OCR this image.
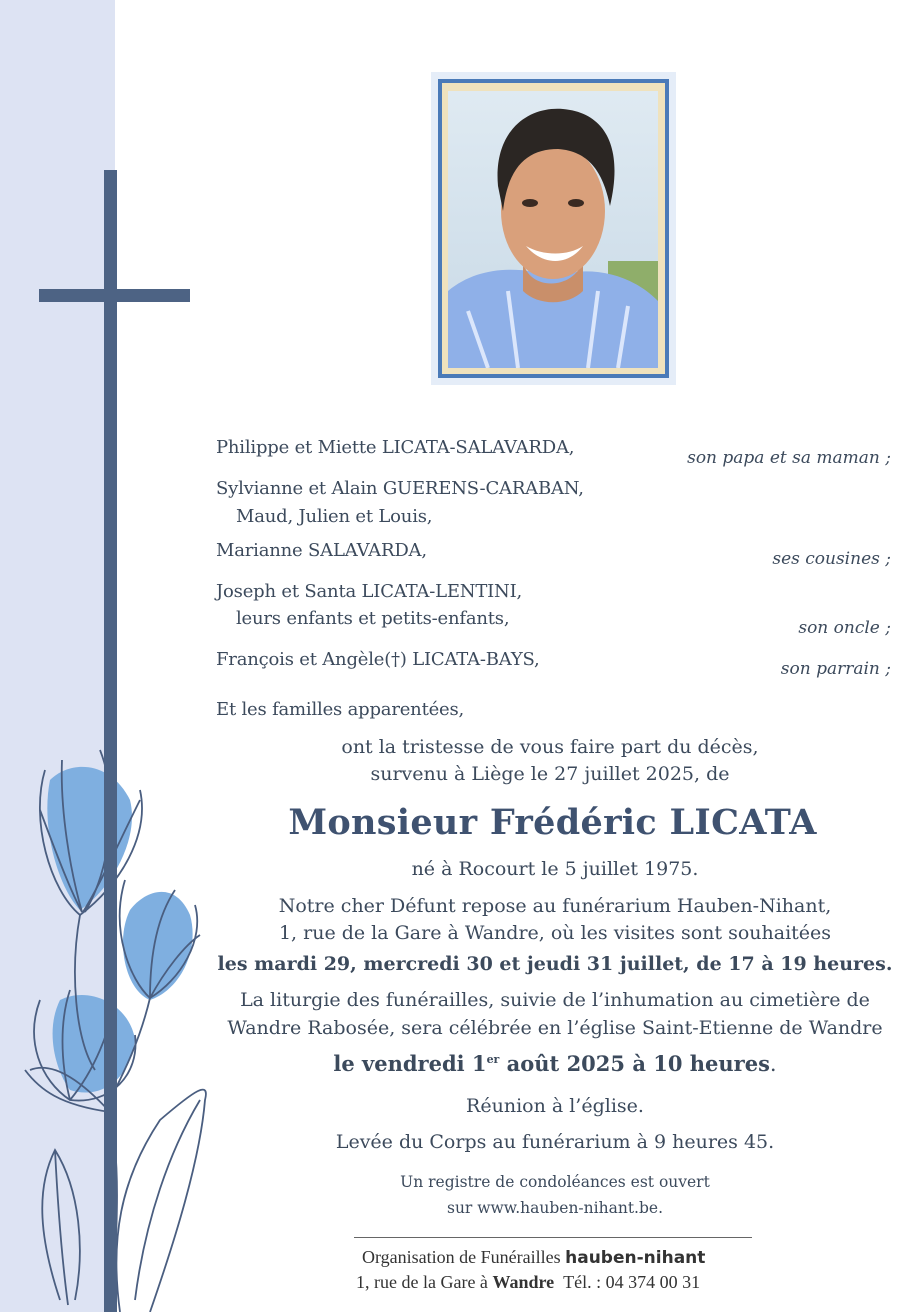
Philippe et Miette LICATA-SALAVARDA,	son papa et sa maman ;
Sylvianne et Alain GUERENS-CARABAN,
Maud, Julien et Louis,
Marianne SALAVARDA,	ses cousines ;
Joseph et Santa LICATA-LENTINI,
leurs enfants et petits-enfants,	son oncle ;
François et Angèle(†) LICATA-BAYS,	son parrain ;
Et les familles apparentées,
ont la tristesse de vous faire part du décès,
survenu à Liège le 27 juillet 2025, de
Monsieur Frédéric LICATA
né à Rocourt le 5 juillet 1975.
Notre cher Défunt repose au funérarium Hauben-Nihant,
1, rue de la Gare à Wandre, où les visites sont souhaitées
les mardi 29, mercredi 30 et jeudi 31 juillet, de 17 à 19 heures.
La liturgie des funérailles, suivie de l’inhumation au cimetière de
Wandre Rabosée, sera célébrée en l’église Saint-Etienne de Wandre
le vendredi 1er août 2025 à 10 heures.
Réunion à l’église.
Levée du Corps au funérarium à 9 heures 45.
Un registre de condoléances est ouvert
sur www.hauben-nihant.be.
Organisation de Funérailles hauben-nihant
1, rue de la Gare à Wandre Tél. : 04 374 00 31
